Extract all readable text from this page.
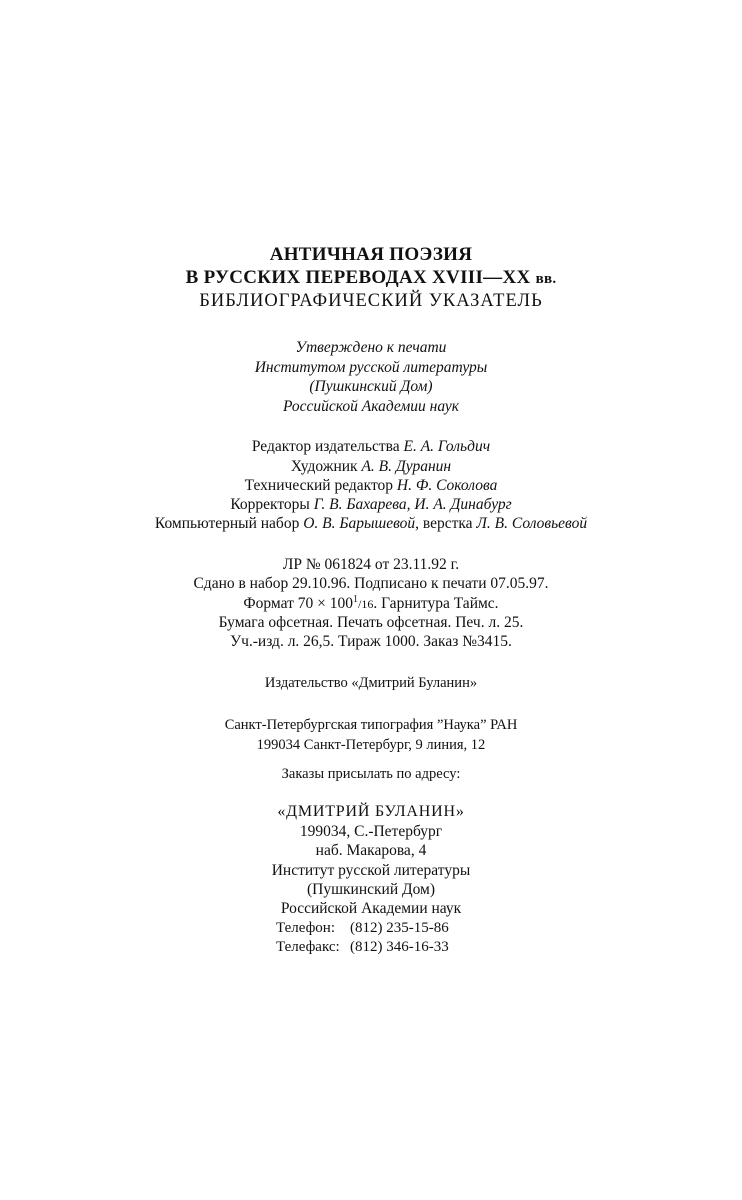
АНТИЧНАЯ ПОЭЗИЯ
В РУССКИХ ПЕРЕВОДАХ XVIII—XX вв.
БИБЛИОГРАФИЧЕСКИЙ УКАЗАТЕЛЬ
Утверждено к печати
Институтом русской литературы
(Пушкинский Дом)
Российской Академии наук
Редактор издательства Е. А. Гольдич
Художник А. В. Дуранин
Технический редактор Н. Ф. Соколова
Корректоры Г. В. Бахарева, И. А. Динабург
Компьютерный набор О. В. Барышевой, верстка Л. В. Соловьевой
ЛР № 061824 от 23.11.92 г.
Сдано в набор 29.10.96. Подписано к печати 07.05.97.
Формат $70 \times 100^1/16$. Гарнитура Таймс.
Бумага офсетная. Печать офсетная. Печ. л. 25.
Уч.-изд. л. 26,5. Тираж 1000. Заказ №3415.
Издательство «Дмитрий Буланин»
Санкт-Петербургская типография ”Наука” РАН
199034 Санкт-Петербург, 9 линия, 12
Заказы присылать по адресу:
«ДМИТРИЙ БУЛАНИН»
199034, С.-Петербург
наб. Макарова, 4
Институт русской литературы
(Пушкинский Дом)
Российской Академии наук
Телефон: (812) 235-15-86
Телефакс: (812) 346-16-33
